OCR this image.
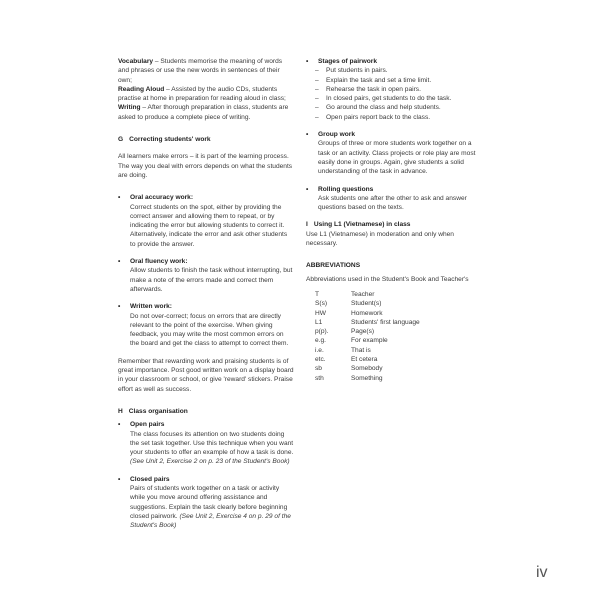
Vocabulary – Students memorise the meaning of words and phrases or use the new words in sentences of their own;

Reading Aloud – Assisted by the audio CDs, students practise at home in preparation for reading aloud in class;

Writing – After thorough preparation in class, students are asked to produce a complete piece of writing.

G Correcting students' work

All learners make errors – it is part of the learning process. The way you deal with errors depends on what the students are doing.

• Oral accuracy work:

Correct students on the spot, either by providing the correct answer and allowing them to repeat, or by indicating the error but allowing students to correct it. Alternatively, indicate the error and ask other students to provide the answer.

• Oral fluency work:

Allow students to finish the task without interrupting, but make a note of the errors made and correct them afterwards.

• Written work:

Do not over-correct; focus on errors that are directly relevant to the point of the exercise. When giving feedback, you may write the most common errors on the board and get the class to attempt to correct them.

Remember that rewarding work and praising students is of great importance. Post good written work on a display board in your classroom or school, or give 'reward' stickers. Praise effort as well as success.

H Class organisation
• Open pairs

The class focuses its attention on two students doing the set task together. Use this technique when you want your students to offer an example of how a task is done. (See Unit 2, Exercise 2 on p. 23 of the Student's Book)

• Closed pairs

Pairs of students work together on a task or activity while you move around offering assistance and suggestions. Explain the task clearly before beginning closed pairwork. (See Unit 2, Exercise 4 on p. 29 of the Student's Book)

• Stages of pairwork

– Put students in pairs.
– Explain the task and set a time limit.
– Rehearse the task in open pairs.
– In closed pairs, get students to do the task.
– Go around the class and help students.
– Open pairs report back to the class.
• Group work

Groups of three or more students work together on a task or an activity. Class projects or role play are most easily done in groups. Again, give students a solid understanding of the task in advance.

• Rolling questions

Ask students one after the other to ask and answer questions based on the texts.

I Using L1 (Vietnamese) in class

Use L1 (Vietnamese) in moderation and only when necessary.

ABBREVIATIONS

Abbreviations used in the Student's Book and Teacher's

T	Teacher
S(s)	Student(s)
HW	Homework
L1	Students' first language
p(p).	Page(s)
e.g.	For example
i.e.	That is
etc.	Et cetera
sb	Somebody
sth	Something
iv
